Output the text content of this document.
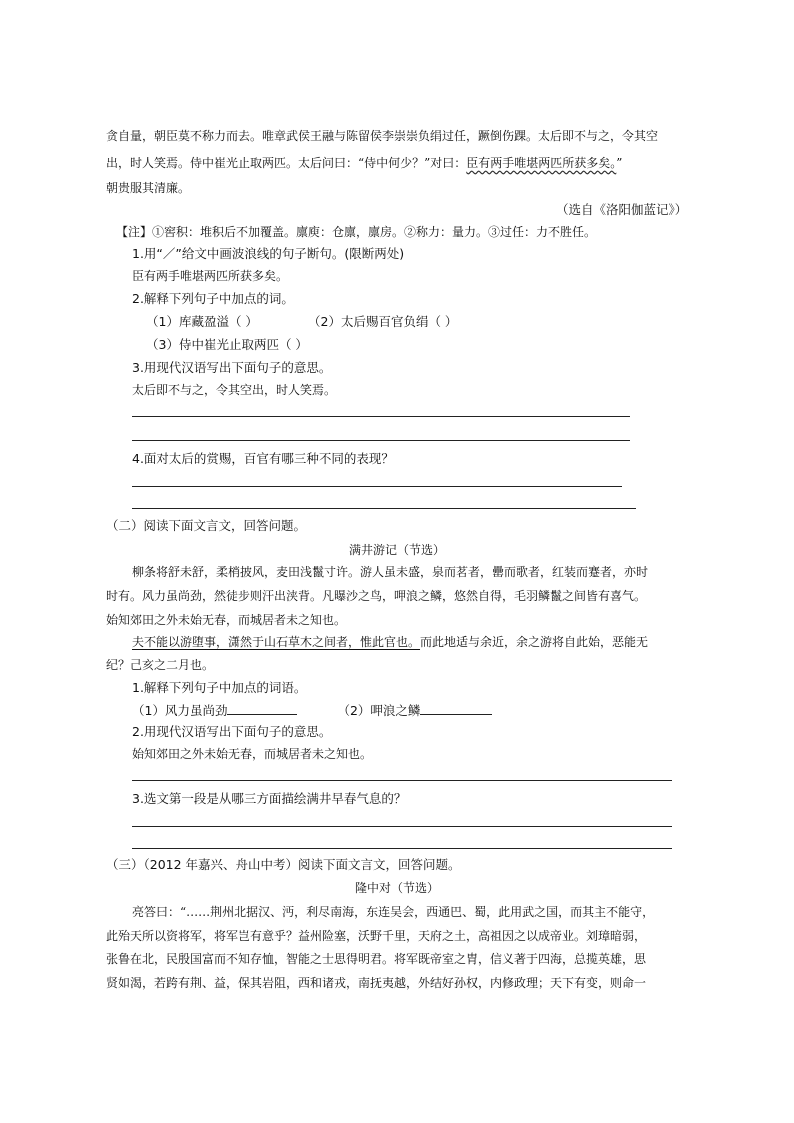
贪自量，朝臣莫不称力而去。唯章武侯王融与陈留侯李崇崇负绢过任，蹶倒伤踝。太后即不与之，令其空
出，时人笑焉。侍中崔光止取两匹。太后问曰：“侍中何少？”对曰：臣有两手唯堪两匹所获多矣。”
朝贵服其清廉。
（选自《洛阳伽蓝记》）
【注】①窖积：堆积后不加覆盖。廪庾：仓廪，廪房。②称力：量力。③过任：力不胜任。
1.用“／”给文中画波浪线的句子断句。(限断两处)
臣有两手唯堪两匹所获多矣。
2.解释下列句子中加点的词。
（1）库藏盈溢（ ）	（2）太后赐百官负绢（ ）
（3）侍中崔光止取两匹（ ）
3.用现代汉语写出下面句子的意思。
太后即不与之，令其空出，时人笑焉。
4.面对太后的赏赐，百官有哪三种不同的表现？
（二）阅读下面文言文，回答问题。
满井游记（节选）
柳条将舒未舒，柔梢披风，麦田浅鬣寸许。游人虽未盛，泉而茗者，罍而歌者，红装而蹇者，亦时
时有。风力虽尚劲，然徒步则汗出浃背。凡曝沙之鸟，呷浪之鳞，悠然自得，毛羽鳞鬣之间皆有喜气。
始知郊田之外未始无春，而城居者未之知也。
夫不能以游堕事，潇然于山石草木之间者，惟此官也。而此地适与余近，余之游将自此始，恶能无
纪？己亥之二月也。
1.解释下列句子中加点的词语。
（1）风力虽尚劲	（2）呷浪之鳞
2.用现代汉语写出下面句子的意思。
始知郊田之外未始无春，而城居者未之知也。
3.选文第一段是从哪三方面描绘满井早春气息的？
（三）（2012 年嘉兴、舟山中考）阅读下面文言文，回答问题。
隆中对（节选）
亮答曰：“……荆州北据汉、沔，利尽南海，东连吴会，西通巴、蜀，此用武之国，而其主不能守，
此殆天所以资将军，将军岂有意乎？益州险塞，沃野千里，天府之土，高祖因之以成帝业。刘璋暗弱，
张鲁在北，民殷国富而不知存恤，智能之士思得明君。将军既帝室之胄，信义著于四海，总揽英雄，思
贤如渴，若跨有荆、益，保其岩阻，西和诸戎，南抚夷越，外结好孙权，内修政理；天下有变，则命一
